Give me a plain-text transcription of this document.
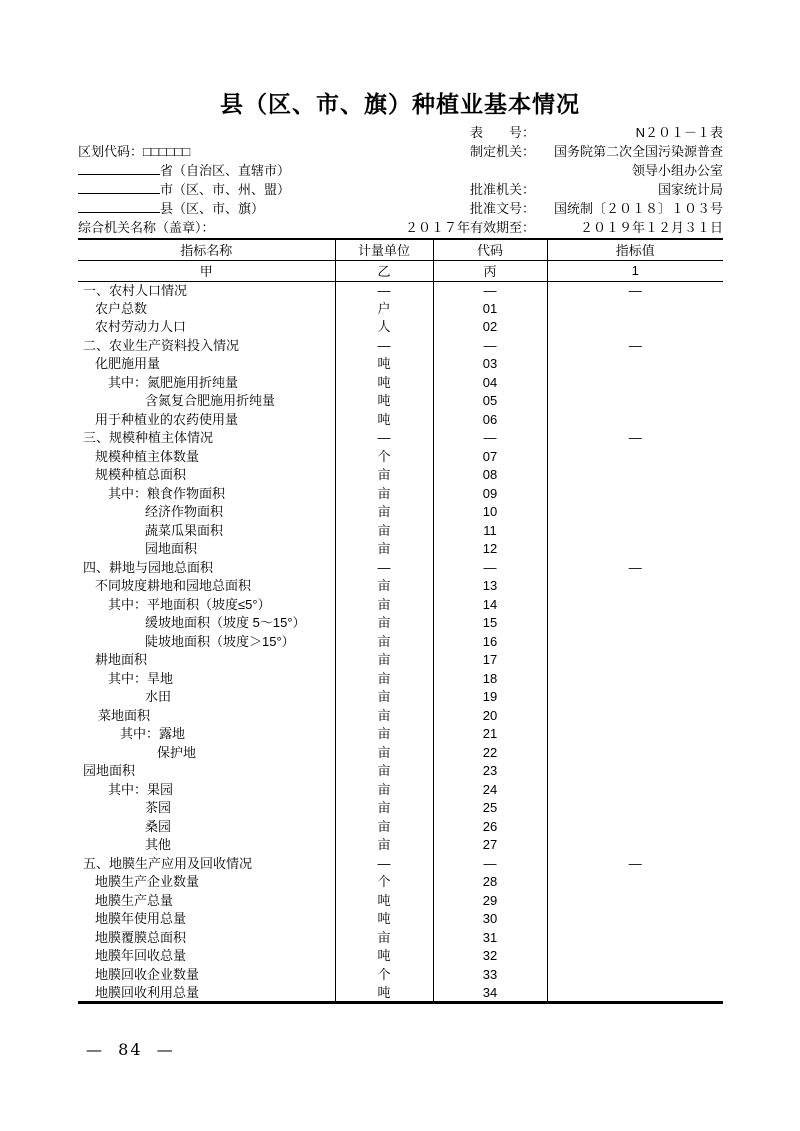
县（区、市、旗）种植业基本情况
表　　号：	N２０１－１表
区划代码：□□□□□□	制定机关：	国务院第二次全国污染源普查
省（自治区、直辖市）	领导小组办公室
市（区、市、州、盟）	批准机关：	国家统计局
县（区、市、旗）	批准文号：	国统制〔２０１８〕１０３号
综合机关名称（盖章）：	２０１７年 有效期至：	２０１９年１２月３１日
指标名称	计量单位	代码	指标值
甲	乙	丙	1
一、农村人口情况	—	—	—
农户总数	户	01	
农村劳动力人口	人	02	
二、农业生产资料投入情况	—	—	—
化肥施用量	吨	03	
其中：氮肥施用折纯量	吨	04	
含氮复合肥施用折纯量	吨	05	
用于种植业的农药使用量	吨	06	
三、规模种植主体情况	—	—	—
规模种植主体数量	个	07	
规模种植总面积	亩	08	
其中：粮食作物面积	亩	09	
经济作物面积	亩	10	
蔬菜瓜果面积	亩	11	
园地面积	亩	12	
四、耕地与园地总面积	—	—	—
不同坡度耕地和园地总面积	亩	13	
其中：平地面积（坡度≤5°）	亩	14	
缓坡地面积（坡度 5～15°）	亩	15	
陡坡地面积（坡度＞15°）	亩	16	
耕地面积	亩	17	
其中：旱地	亩	18	
水田	亩	19	
菜地面积	亩	20	
其中：露地	亩	21	
保护地	亩	22	
园地面积	亩	23	
其中：果园	亩	24	
茶园	亩	25	
桑园	亩	26	
其他	亩	27	
五、地膜生产应用及回收情况	—	—	—
地膜生产企业数量	个	28	
地膜生产总量	吨	29	
地膜年使用总量	吨	30	
地膜覆膜总面积	亩	31	
地膜年回收总量	吨	32	
地膜回收企业数量	个	33	
地膜回收利用总量	吨	34	
—  84  —
